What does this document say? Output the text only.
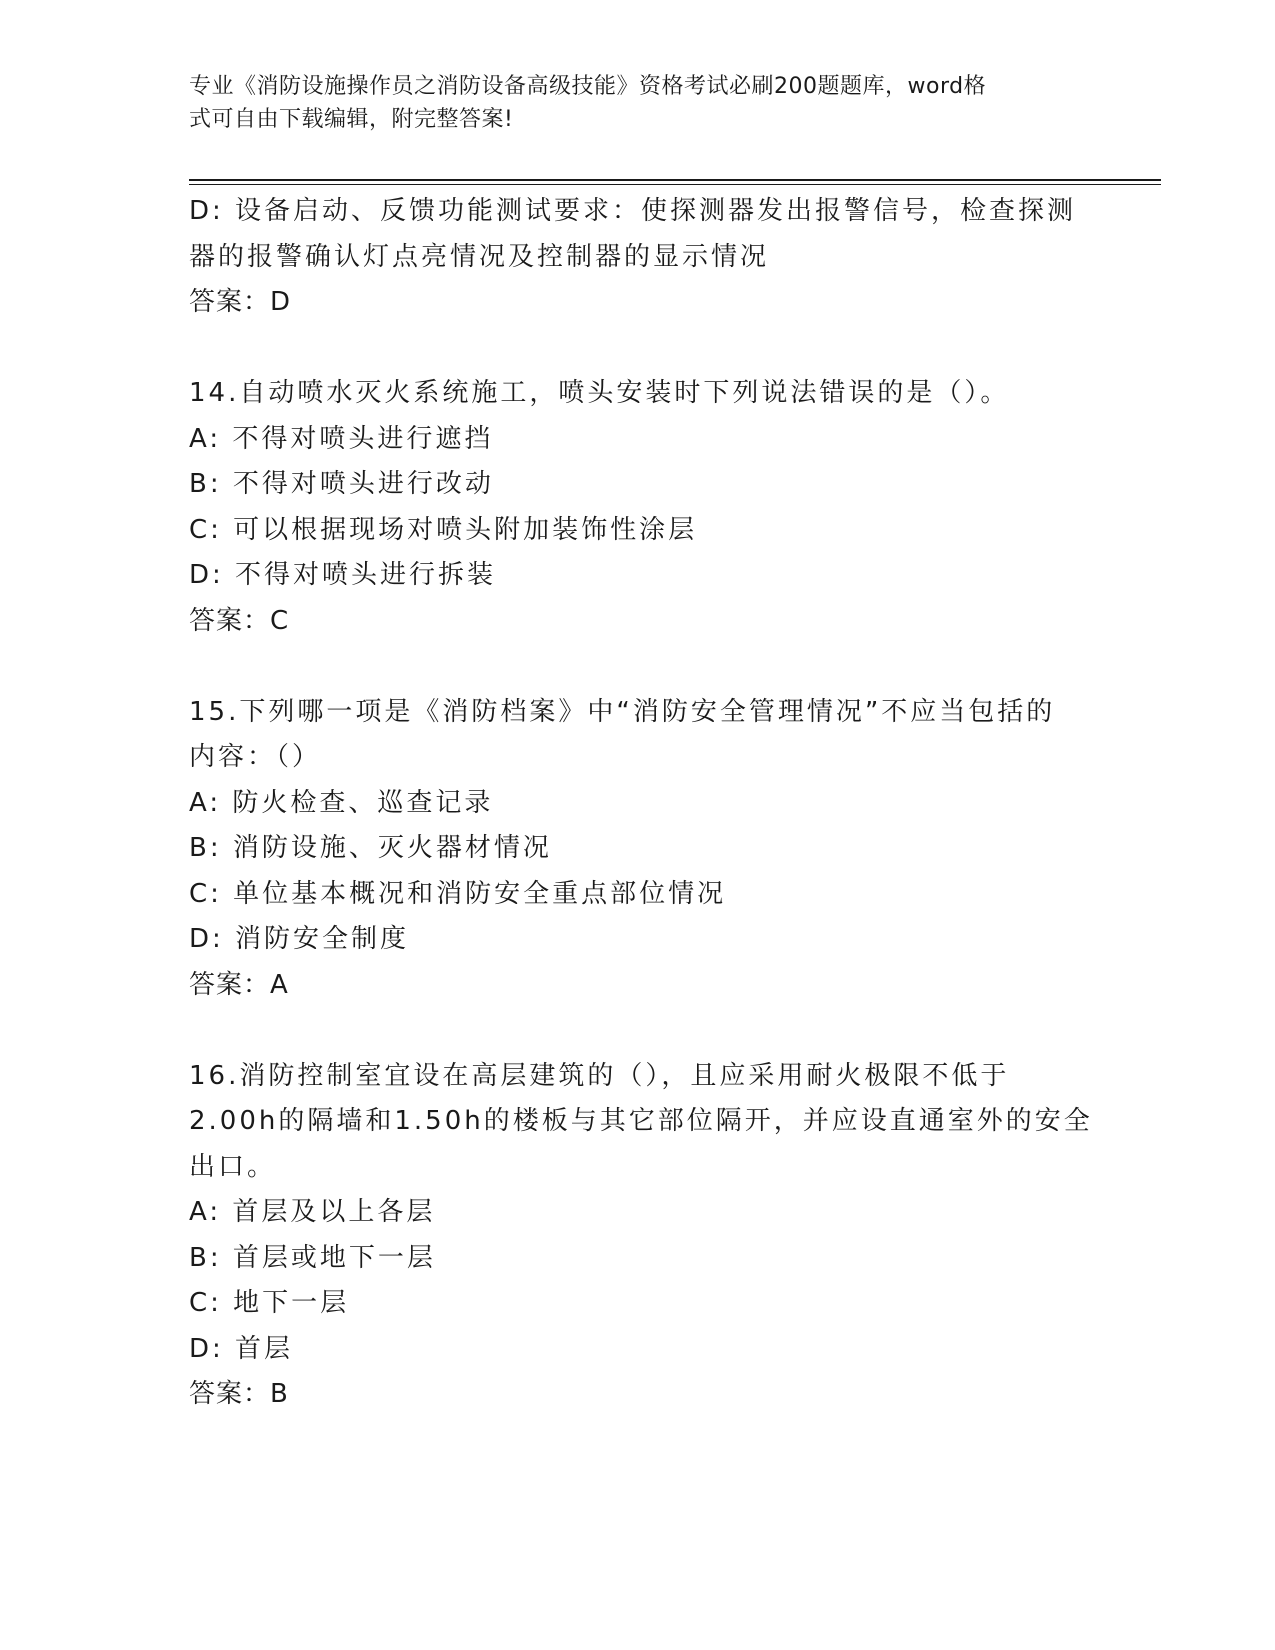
专业《消防设施操作员之消防设备高级技能》资格考试必刷200题题库，word格
式可自由下载编辑，附完整答案!
D: 设备启动、反馈功能测试要求：使探测器发出报警信号，检查探测
器的报警确认灯点亮情况及控制器的显示情况
答案：D
14.自动喷水灭火系统施工，喷头安装时下列说法错误的是（）。
A: 不得对喷头进行遮挡
B: 不得对喷头进行改动
C: 可以根据现场对喷头附加装饰性涂层
D: 不得对喷头进行拆装
答案：C
15.下列哪一项是《消防档案》中“消防安全管理情况”不应当包括的
内容：（）
A: 防火检查、巡查记录
B: 消防设施、灭火器材情况
C: 单位基本概况和消防安全重点部位情况
D: 消防安全制度
答案：A
16.消防控制室宜设在高层建筑的（），且应采用耐火极限不低于
2.00h的隔墙和1.50h的楼板与其它部位隔开，并应设直通室外的安全
出口。
A: 首层及以上各层
B: 首层或地下一层
C: 地下一层
D: 首层
答案：B
